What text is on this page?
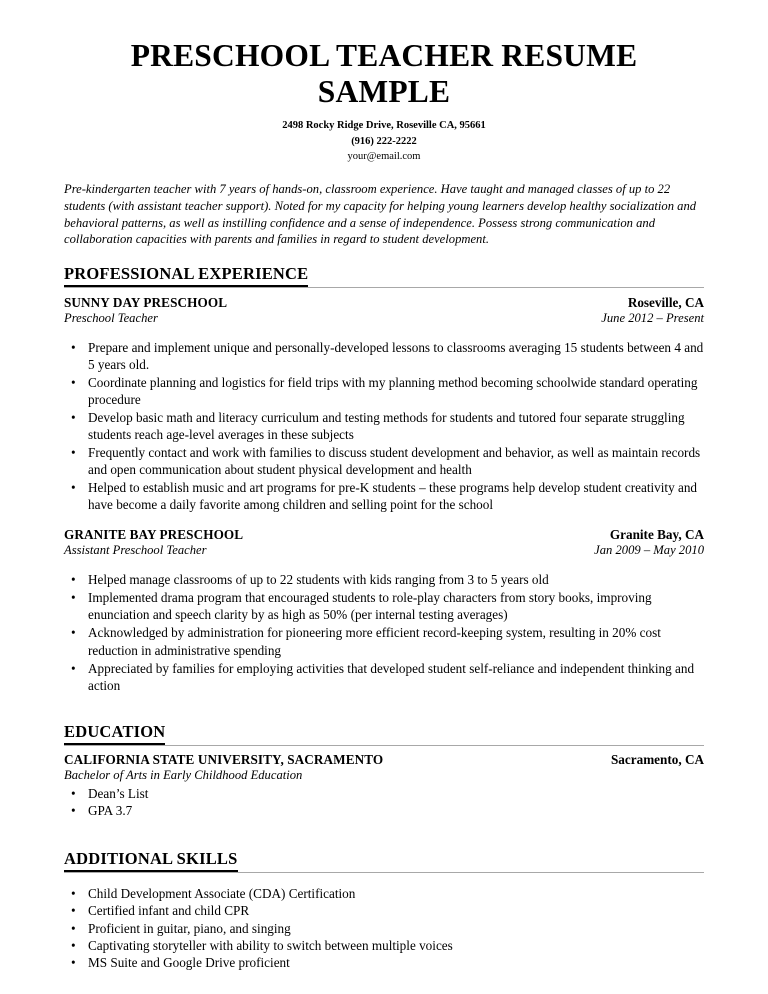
PRESCHOOL TEACHER RESUME SAMPLE
2498 Rocky Ridge Drive, Roseville CA, 95661
(916) 222-2222
your@email.com

Pre-kindergarten teacher with 7 years of hands-on, classroom experience. Have taught and managed classes of up to 22 students (with assistant teacher support). Noted for my capacity for helping young learners develop healthy socialization and behavioral patterns, as well as instilling confidence and a sense of independence. Possess strong communication and collaboration capacities with parents and families in regard to student development.

PROFESSIONAL EXPERIENCE
SUNNY DAY PRESCHOOL	Roseville, CA
Preschool Teacher	June 2012 – Present
• Prepare and implement unique and personally-developed lessons to classrooms averaging 15 students between 4 and 5 years old.
• Coordinate planning and logistics for field trips with my planning method becoming schoolwide standard operating procedure
• Develop basic math and literacy curriculum and testing methods for students and tutored four separate struggling students reach age-level averages in these subjects
• Frequently contact and work with families to discuss student development and behavior, as well as maintain records and open communication about student physical development and health
• Helped to establish music and art programs for pre-K students – these programs help develop student creativity and have become a daily favorite among children and selling point for the school
GRANITE BAY PRESCHOOL	Granite Bay, CA
Assistant Preschool Teacher	Jan 2009 – May 2010
• Helped manage classrooms of up to 22 students with kids ranging from 3 to 5 years old
• Implemented drama program that encouraged students to role-play characters from story books, improving enunciation and speech clarity by as high as 50% (per internal testing averages)
• Acknowledged by administration for pioneering more efficient record-keeping system, resulting in 20% cost reduction in administrative spending
• Appreciated by families for employing activities that developed student self-reliance and independent thinking and action
EDUCATION
CALIFORNIA STATE UNIVERSITY, SACRAMENTO	Sacramento, CA
Bachelor of Arts in Early Childhood Education
• Dean’s List
• GPA 3.7
ADDITIONAL SKILLS
• Child Development Associate (CDA) Certification
• Certified infant and child CPR
• Proficient in guitar, piano, and singing
• Captivating storyteller with ability to switch between multiple voices
• MS Suite and Google Drive proficient
